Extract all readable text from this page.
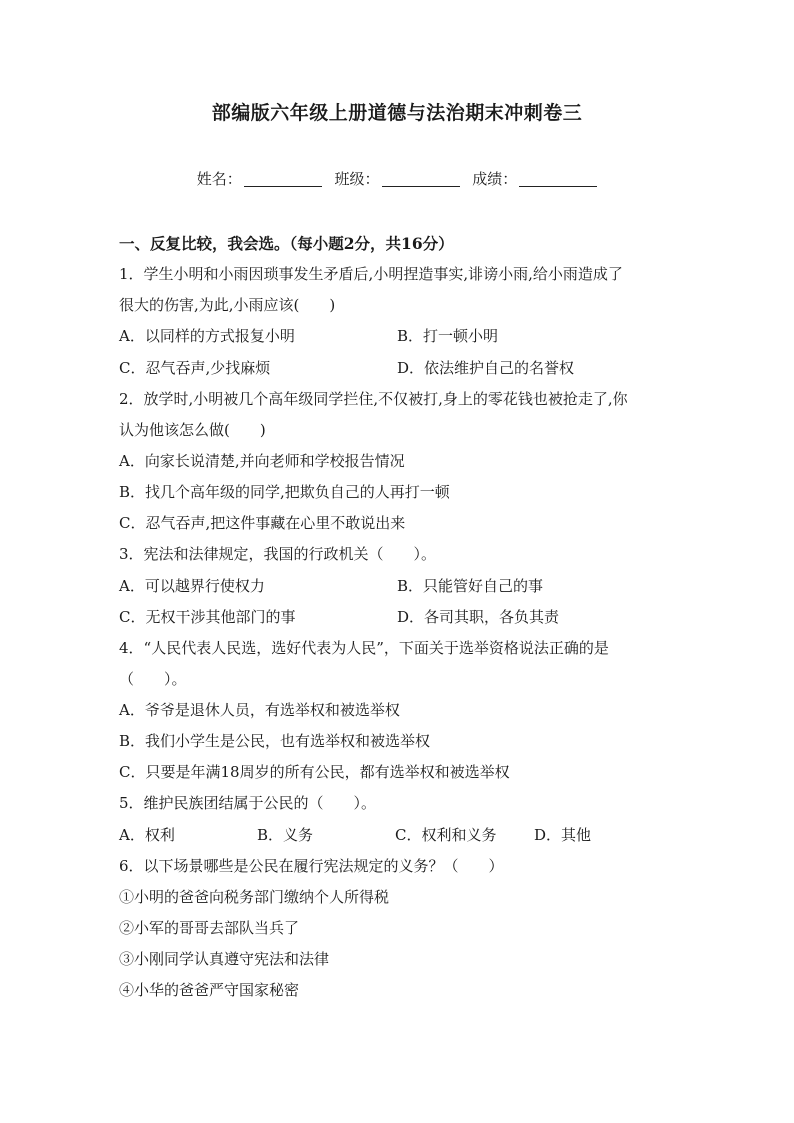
部编版六年级上册道德与法治期末冲刺卷三
姓名：	班级：	成绩：
一、反复比较，我会选。（每小题2分，共16分）
1．学生小明和小雨因琐事发生矛盾后,小明捏造事实,诽谤小雨,给小雨造成了
很大的伤害,为此,小雨应该(　　)
A．以同样的方式报复小明	B．打一顿小明
C．忍气吞声,少找麻烦	D．依法维护自己的名誉权
2．放学时,小明被几个高年级同学拦住,不仅被打,身上的零花钱也被抢走了,你
认为他该怎么做(　　)
A．向家长说清楚,并向老师和学校报告情况
B．找几个高年级的同学,把欺负自己的人再打一顿
C．忍气吞声,把这件事藏在心里不敢说出来
3．宪法和法律规定，我国的行政机关（　　）。
A．可以越界行使权力	B．只能管好自己的事
C．无权干涉其他部门的事	D．各司其职，各负其责
4．“人民代表人民选，选好代表为人民”，下面关于选举资格说法正确的是
（　　）。
A．爷爷是退休人员，有选举权和被选举权
B．我们小学生是公民，也有选举权和被选举权
C．只要是年满18周岁的所有公民，都有选举权和被选举权
5．维护民族团结属于公民的（　　）。
A．权利	B．义务	C．权利和义务	D．其他
6．以下场景哪些是公民在履行宪法规定的义务？（　　）
①小明的爸爸向税务部门缴纳个人所得税
②小军的哥哥去部队当兵了
③小刚同学认真遵守宪法和法律
④小华的爸爸严守国家秘密
